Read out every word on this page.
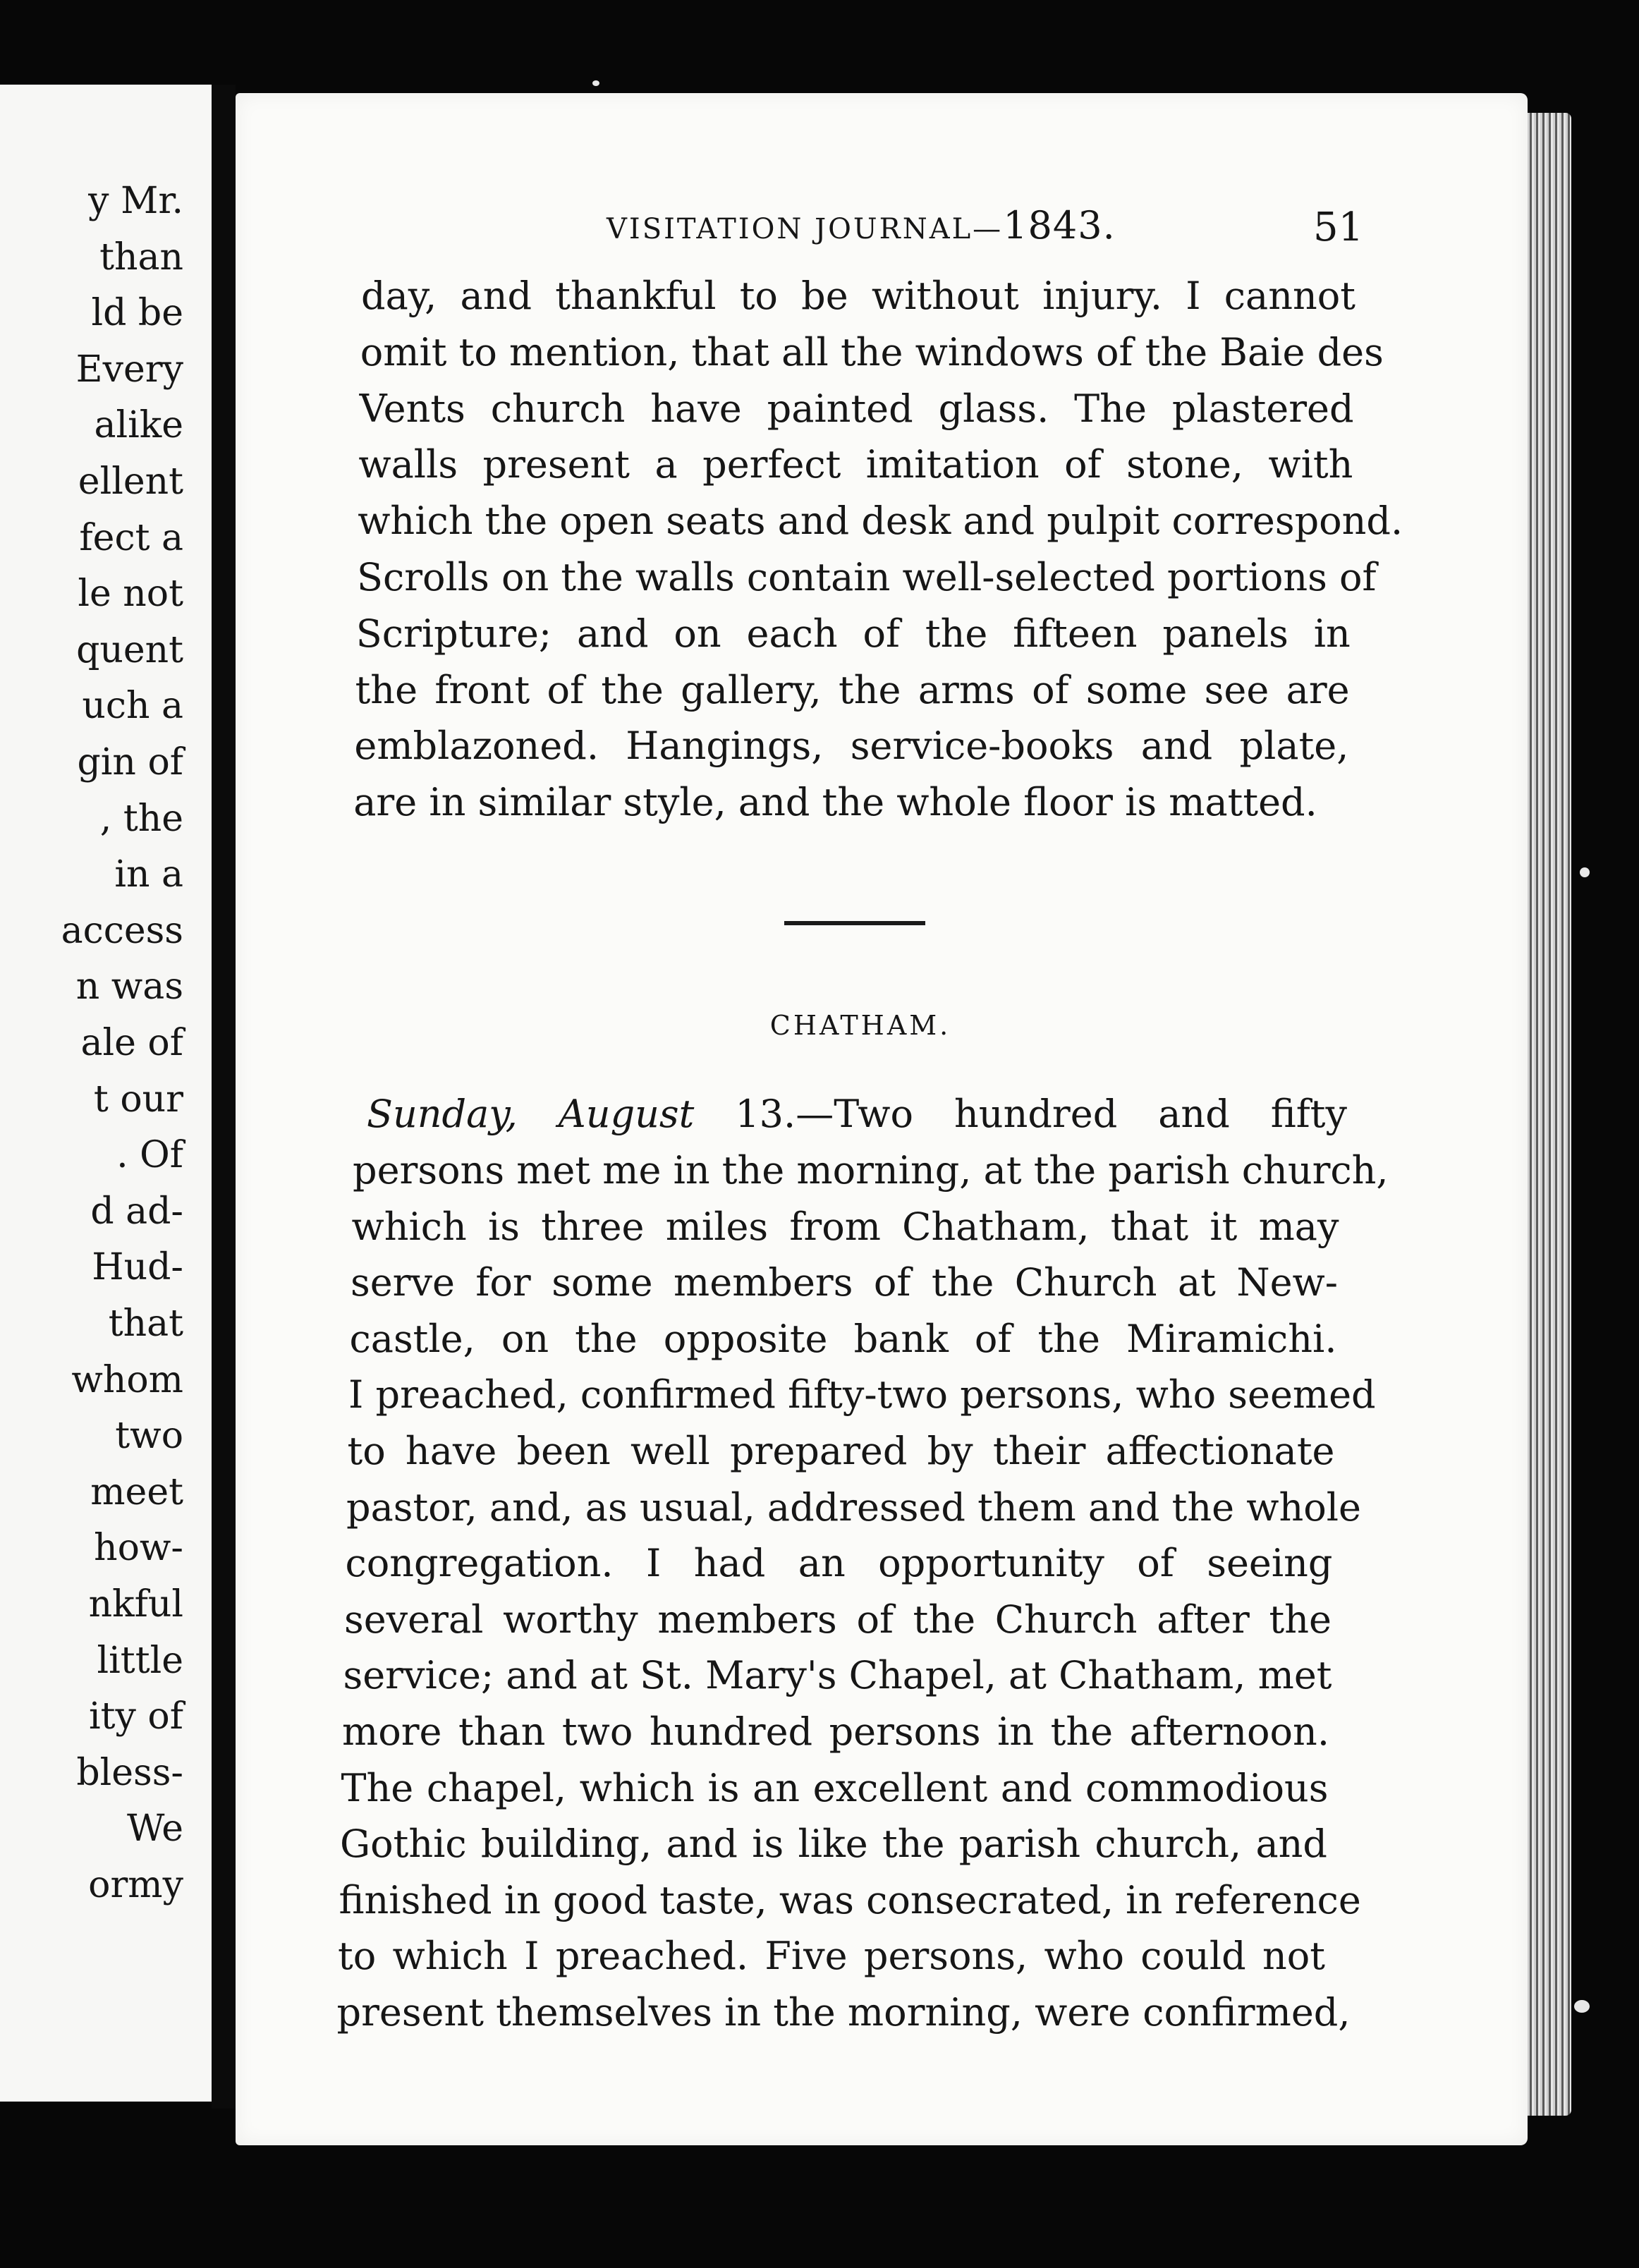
y Mr.
than
ld be
Every
alike
ellent
fect a
le not
quent
uch a
gin of
, the
in a
access
n was
ale of
t our
. Of
d ad-
Hud-
that
whom
two
meet
how-
nkful
little
ity of
bless-
We
ormy
VISITATION JOURNAL—1843.	51
day, and thankful to be without injury. I cannot
omit to mention, that all the windows of the Baie des
Vents church have painted glass. The plastered
walls present a perfect imitation of stone, with
which the open seats and desk and pulpit correspond.
Scrolls on the walls contain well-selected portions of
Scripture; and on each of the fifteen panels in
the front of the gallery, the arms of some see are
emblazoned. Hangings, service-books and plate,
are in similar style, and the whole floor is matted.
CHATHAM.
Sunday, August 13.—Two hundred and fifty
persons met me in the morning, at the parish church,
which is three miles from Chatham, that it may
serve for some members of the Church at New-
castle, on the opposite bank of the Miramichi.
I preached, confirmed fifty-two persons, who seemed
to have been well prepared by their affectionate
pastor, and, as usual, addressed them and the whole
congregation. I had an opportunity of seeing
several worthy members of the Church after the
service; and at St. Mary's Chapel, at Chatham, met
more than two hundred persons in the afternoon.
The chapel, which is an excellent and commodious
Gothic building, and is like the parish church, and
finished in good taste, was consecrated, in reference
to which I preached. Five persons, who could not
present themselves in the morning, were confirmed,
